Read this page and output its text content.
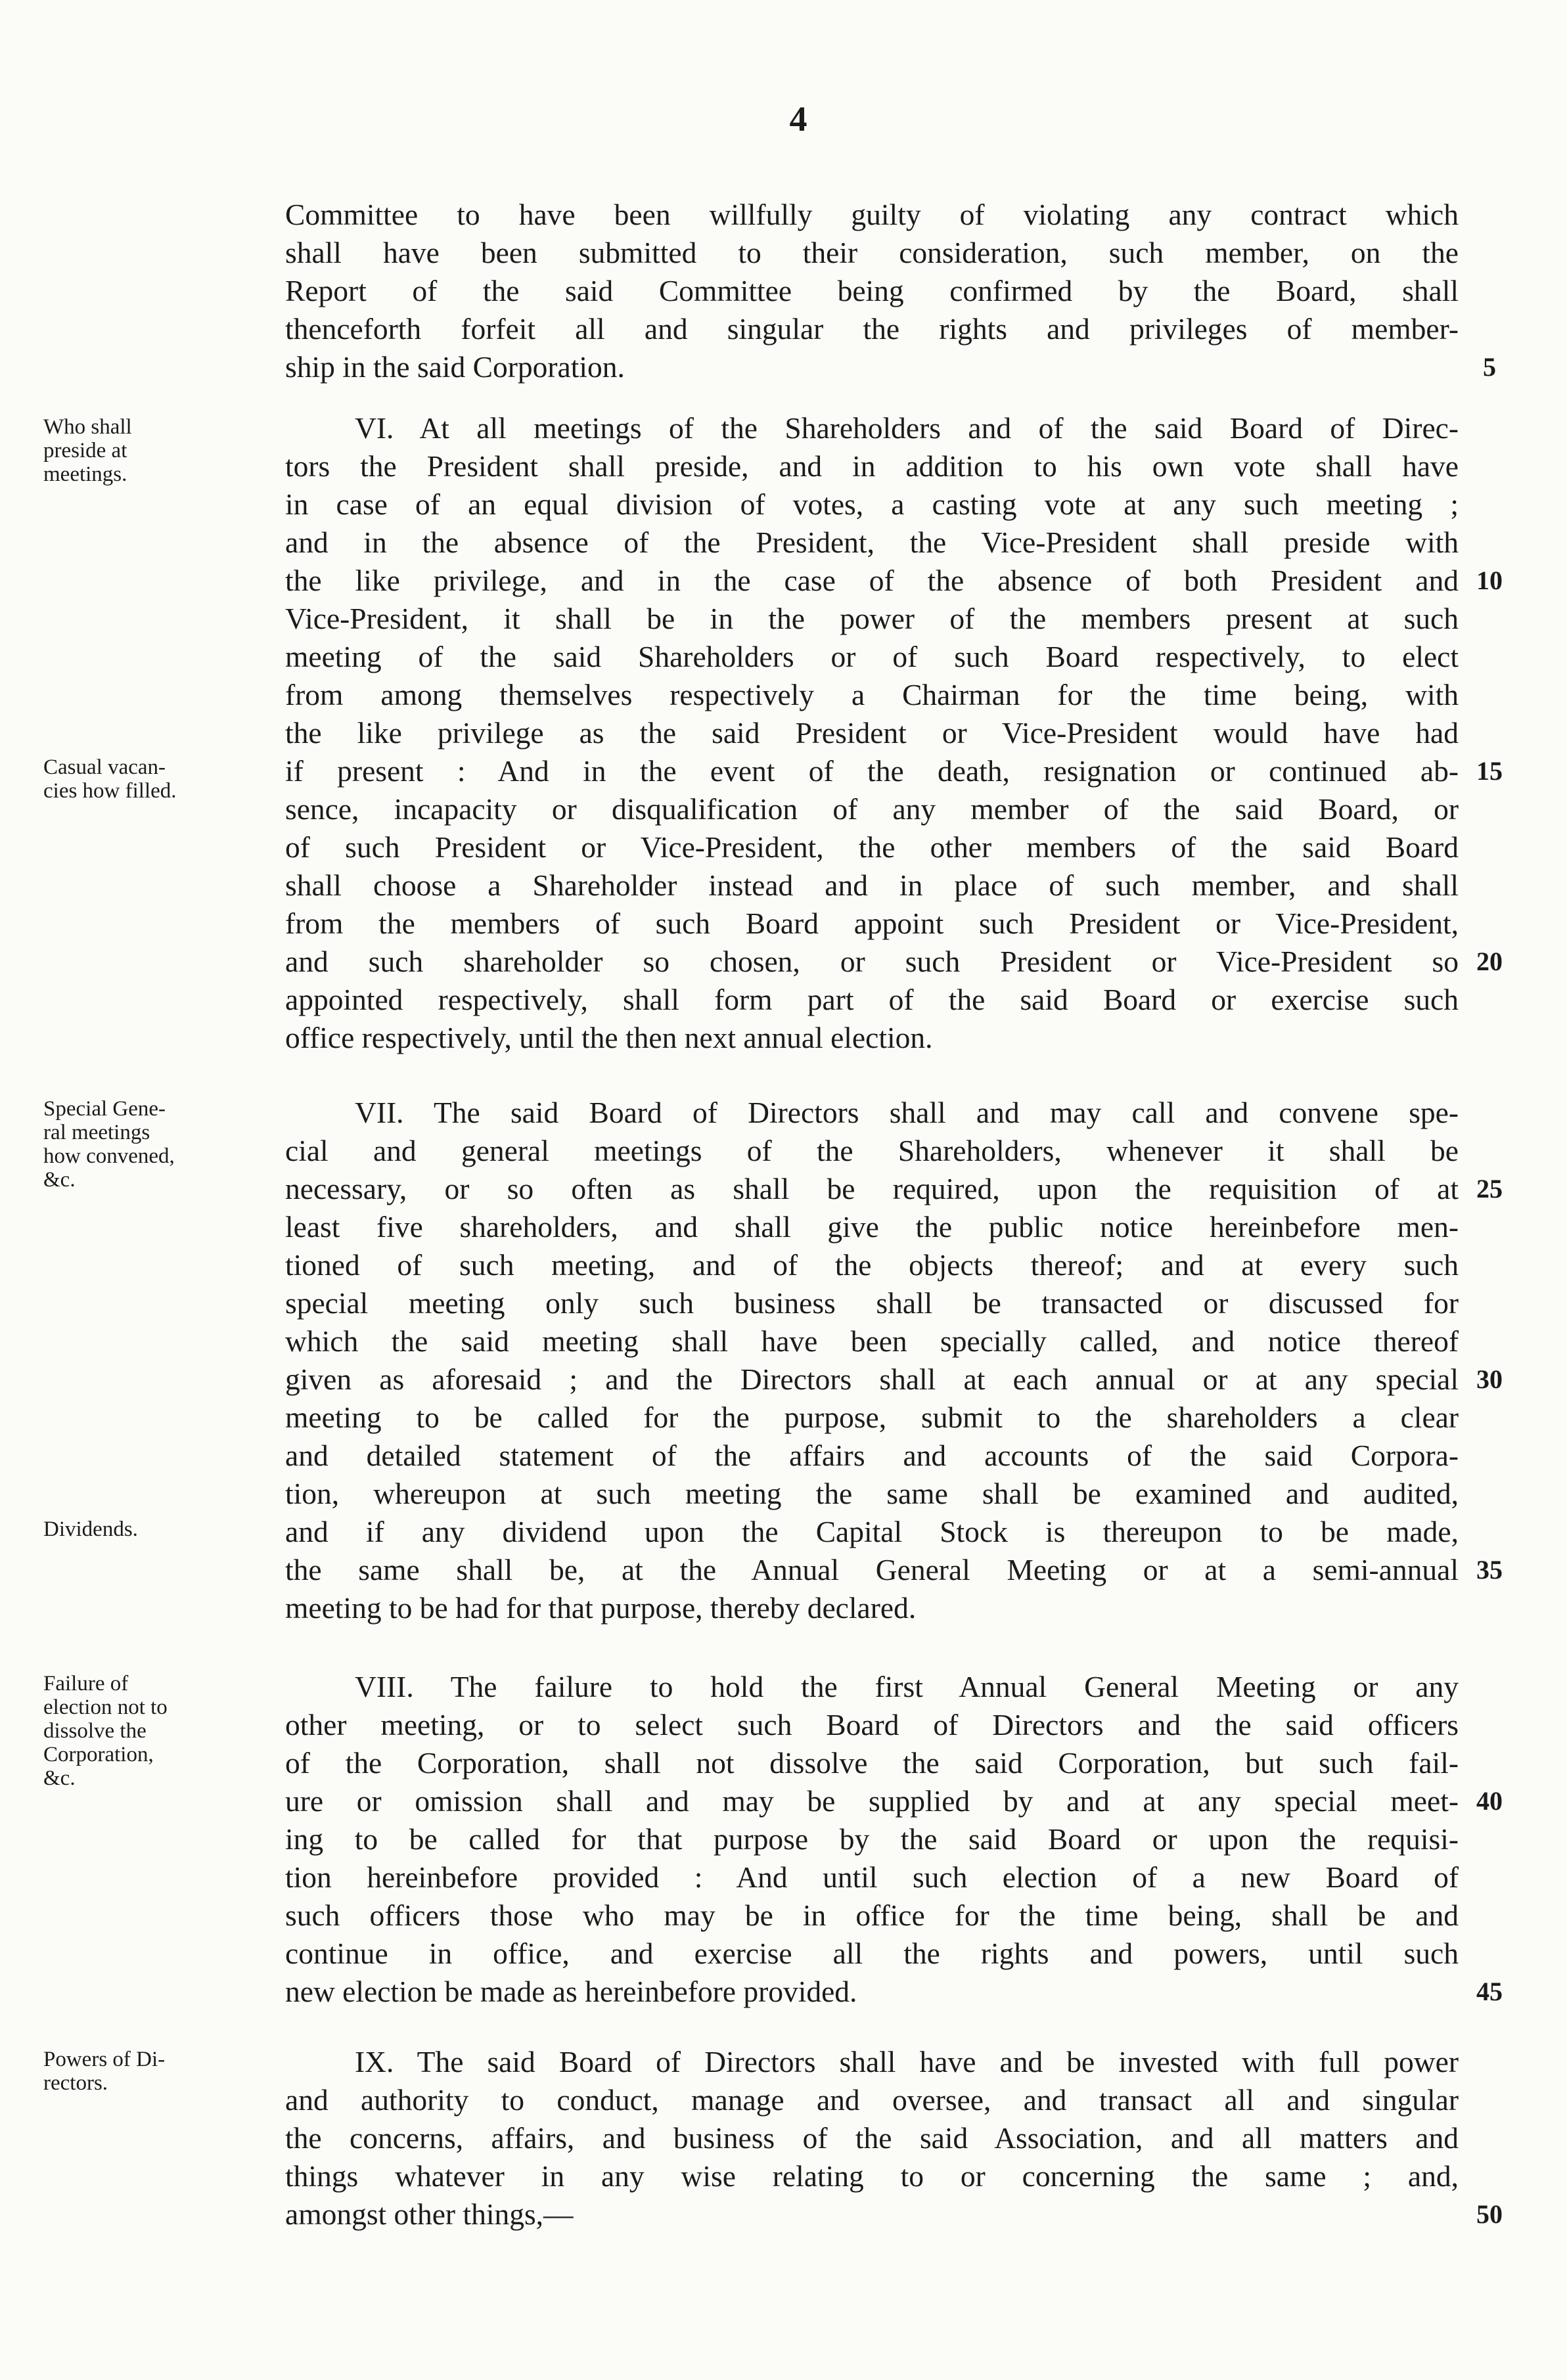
4
Committee to have been willfully guilty of violating any contract which
shall have been submitted to their consideration, such member, on the
Report of the said Committee being confirmed by the Board, shall
thenceforth forfeit all and singular the rights and privileges of member-
ship in the said Corporation.
VI. At all meetings of the Shareholders and of the said Board of Direc-
tors the President shall preside, and in addition to his own vote shall have
in case of an equal division of votes, a casting vote at any such meeting ;
and in the absence of the President, the Vice-President shall preside with
the like privilege, and in the case of the absence of both President and
Vice-President, it shall be in the power of the members present at such
meeting of the said Shareholders or of such Board respectively, to elect
from among themselves respectively a Chairman for the time being, with
the like privilege as the said President or Vice-President would have had
if present : And in the event of the death, resignation or continued ab-
sence, incapacity or disqualification of any member of the said Board, or
of such President or Vice-President, the other members of the said Board
shall choose a Shareholder instead and in place of such member, and shall
from the members of such Board appoint such President or Vice-President,
and such shareholder so chosen, or such President or Vice-President so
appointed respectively, shall form part of the said Board or exercise such
office respectively, until the then next annual election.
VII. The said Board of Directors shall and may call and convene spe-
cial and general meetings of the Shareholders, whenever it shall be
necessary, or so often as shall be required, upon the requisition of at
least five shareholders, and shall give the public notice hereinbefore men-
tioned of such meeting, and of the objects thereof; and at every such
special meeting only such business shall be transacted or discussed for
which the said meeting shall have been specially called, and notice thereof
given as aforesaid ; and the Directors shall at each annual or at any special
meeting to be called for the purpose, submit to the shareholders a clear
and detailed statement of the affairs and accounts of the said Corpora-
tion, whereupon at such meeting the same shall be examined and audited,
and if any dividend upon the Capital Stock is thereupon to be made,
the same shall be, at the Annual General Meeting or at a semi-annual
meeting to be had for that purpose, thereby declared.
VIII. The failure to hold the first Annual General Meeting or any
other meeting, or to select such Board of Directors and the said officers
of the Corporation, shall not dissolve the said Corporation, but such fail-
ure or omission shall and may be supplied by and at any special meet-
ing to be called for that purpose by the said Board or upon the requisi-
tion hereinbefore provided : And until such election of a new Board of
such officers those who may be in office for the time being, shall be and
continue in office, and exercise all the rights and powers, until such
new election be made as hereinbefore provided.
IX. The said Board of Directors shall have and be invested with full power
and authority to conduct, manage and oversee, and transact all and singular
the concerns, affairs, and business of the said Association, and all matters and
things whatever in any wise relating to or concerning the same ; and,
amongst other things,—
Who shall
preside at
meetings.
Casual vacan-
cies how filled.
Special Gene-
ral meetings
how convened,
&c.
Dividends.
Failure of
election not to
dissolve the
Corporation,
&c.
Powers of Di-
rectors.
5
10
15
20
25
30
35
40
45
50
